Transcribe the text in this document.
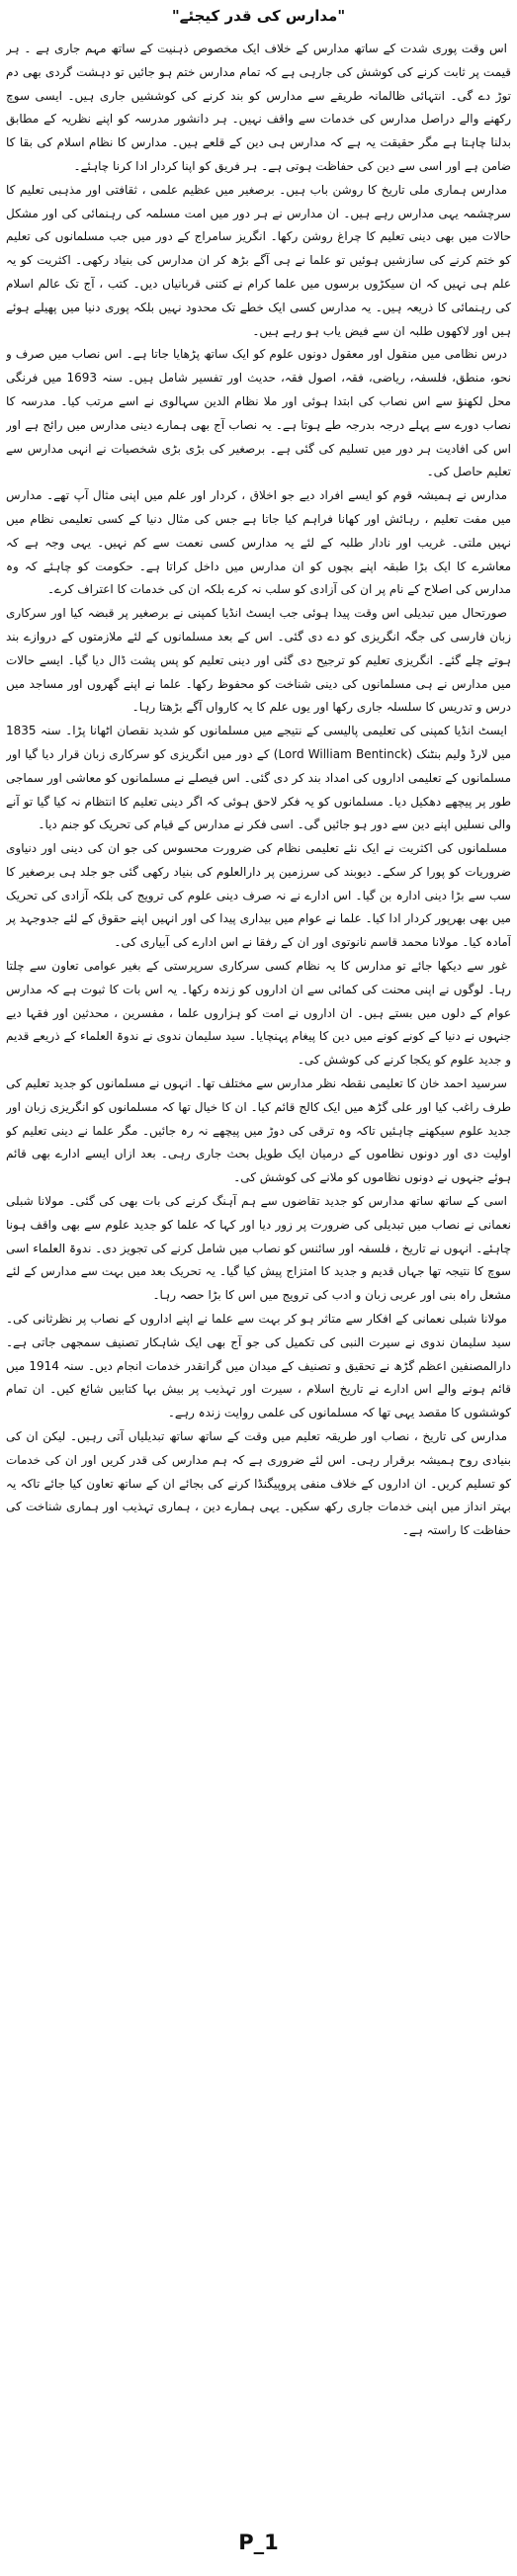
"مدارس کی قدر کیجئے"

اس وقت پوری شدت کے ساتھ مدارس کے خلاف ایک مخصوص ذہنیت کے ساتھ مہم جاری ہے ۔ ہر قیمت پر ثابت کرنے کی کوشش کی جارہی ہے کہ تمام مدارس ختم ہو جائیں تو دہشت گردی بھی دم توڑ دے گی۔ انتہائی ظالمانہ طریقے سے مدارس کو بند کرنے کی کوششیں جاری ہیں۔ ایسی سوچ رکھنے والے دراصل مدارس کی خدمات سے واقف نہیں۔ ہر دانشور مدرسہ کو اپنے نظریہ کے مطابق بدلنا چاہتا ہے مگر حقیقت یہ ہے کہ مدارس ہی دین کے قلعے ہیں۔ مدارس کا نظام اسلام کی بقا کا ضامن ہے اور اسی سے دین کی حفاظت ہوتی ہے۔ ہر فریق کو اپنا کردار ادا کرنا چاہئے۔

مدارس ہماری ملی تاریخ کا روشن باب ہیں۔ برصغیر میں عظیم علمی ، ثقافتی اور مذہبی تعلیم کا سرچشمہ یہی مدارس رہے ہیں۔ ان مدارس نے ہر دور میں امت مسلمہ کی رہنمائی کی اور مشکل حالات میں بھی دینی تعلیم کا چراغ روشن رکھا۔ انگریز سامراج کے دور میں جب مسلمانوں کی تعلیم کو ختم کرنے کی سازشیں ہوئیں تو علما نے ہی آگے بڑھ کر ان مدارس کی بنیاد رکھی۔ اکثریت کو یہ علم ہی نہیں کہ ان سیکڑوں برسوں میں علما کرام نے کتنی قربانیاں دیں۔ کتب ، آج تک عالم اسلام کی رہنمائی کا ذریعہ ہیں۔ یہ مدارس کسی ایک خطے تک محدود نہیں بلکہ پوری دنیا میں پھیلے ہوئے ہیں اور لاکھوں طلبہ ان سے فیض یاب ہو رہے ہیں۔

درس نظامی میں منقول اور معقول دونوں علوم کو ایک ساتھ پڑھایا جاتا ہے۔ اس نصاب میں صرف و نحو، منطق، فلسفہ، ریاضی، فقہ، اصول فقہ، حدیث اور تفسیر شامل ہیں۔ سنہ 1693 میں فرنگی محل لکھنؤ سے اس نصاب کی ابتدا ہوئی اور ملا نظام الدین سہالوی نے اسے مرتب کیا۔ مدرسہ کا نصاب دورے سے پہلے درجہ بدرجہ طے ہوتا ہے۔ یہ نصاب آج بھی ہمارے دینی مدارس میں رائج ہے اور اس کی افادیت ہر دور میں تسلیم کی گئی ہے۔ برصغیر کی بڑی بڑی شخصیات نے انہی مدارس سے تعلیم حاصل کی۔

مدارس نے ہمیشہ قوم کو ایسے افراد دیے جو اخلاق ، کردار اور علم میں اپنی مثال آپ تھے۔ مدارس میں مفت تعلیم ، رہائش اور کھانا فراہم کیا جاتا ہے جس کی مثال دنیا کے کسی تعلیمی نظام میں نہیں ملتی۔ غریب اور نادار طلبہ کے لئے یہ مدارس کسی نعمت سے کم نہیں۔ یہی وجہ ہے کہ معاشرے کا ایک بڑا طبقہ اپنے بچوں کو ان مدارس میں داخل کراتا ہے۔ حکومت کو چاہئے کہ وہ مدارس کی اصلاح کے نام پر ان کی آزادی کو سلب نہ کرے بلکہ ان کی خدمات کا اعتراف کرے۔

صورتحال میں تبدیلی اس وقت پیدا ہوئی جب ایسٹ انڈیا کمپنی نے برصغیر پر قبضہ کیا اور سرکاری زبان فارسی کی جگہ انگریزی کو دے دی گئی۔ اس کے بعد مسلمانوں کے لئے ملازمتوں کے دروازے بند ہوتے چلے گئے۔ انگریزی تعلیم کو ترجیح دی گئی اور دینی تعلیم کو پس پشت ڈال دیا گیا۔ ایسے حالات میں مدارس نے ہی مسلمانوں کی دینی شناخت کو محفوظ رکھا۔ علما نے اپنے گھروں اور مساجد میں درس و تدریس کا سلسلہ جاری رکھا اور یوں علم کا یہ کارواں آگے بڑھتا رہا۔

ایسٹ انڈیا کمپنی کی تعلیمی پالیسی کے نتیجے میں مسلمانوں کو شدید نقصان اٹھانا پڑا۔ سنہ 1835 میں لارڈ ولیم بنٹنک (Lord William Bentinck) کے دور میں انگریزی کو سرکاری زبان قرار دیا گیا اور مسلمانوں کے تعلیمی اداروں کی امداد بند کر دی گئی۔ اس فیصلے نے مسلمانوں کو معاشی اور سماجی طور پر پیچھے دھکیل دیا۔ مسلمانوں کو یہ فکر لاحق ہوئی کہ اگر دینی تعلیم کا انتظام نہ کیا گیا تو آنے والی نسلیں اپنے دین سے دور ہو جائیں گی۔ اسی فکر نے مدارس کے قیام کی تحریک کو جنم دیا۔

مسلمانوں کی اکثریت نے ایک نئے تعلیمی نظام کی ضرورت محسوس کی جو ان کی دینی اور دنیاوی ضروریات کو پورا کر سکے۔ دیوبند کی سرزمین پر دارالعلوم کی بنیاد رکھی گئی جو جلد ہی برصغیر کا سب سے بڑا دینی ادارہ بن گیا۔ اس ادارے نے نہ صرف دینی علوم کی ترویج کی بلکہ آزادی کی تحریک میں بھی بھرپور کردار ادا کیا۔ علما نے عوام میں بیداری پیدا کی اور انہیں اپنے حقوق کے لئے جدوجہد پر آمادہ کیا۔ مولانا محمد قاسم نانوتوی اور ان کے رفقا نے اس ادارے کی آبیاری کی۔

غور سے دیکھا جائے تو مدارس کا یہ نظام کسی سرکاری سرپرستی کے بغیر عوامی تعاون سے چلتا رہا۔ لوگوں نے اپنی محنت کی کمائی سے ان اداروں کو زندہ رکھا۔ یہ اس بات کا ثبوت ہے کہ مدارس عوام کے دلوں میں بستے ہیں۔ ان اداروں نے امت کو ہزاروں علما ، مفسرین ، محدثین اور فقہا دیے جنہوں نے دنیا کے کونے کونے میں دین کا پیغام پہنچایا۔ سید سلیمان ندوی نے ندوۃ العلماء کے ذریعے قدیم و جدید علوم کو یکجا کرنے کی کوشش کی۔

سرسید احمد خان کا تعلیمی نقطہ نظر مدارس سے مختلف تھا۔ انہوں نے مسلمانوں کو جدید تعلیم کی طرف راغب کیا اور علی گڑھ میں ایک کالج قائم کیا۔ ان کا خیال تھا کہ مسلمانوں کو انگریزی زبان اور جدید علوم سیکھنے چاہئیں تاکہ وہ ترقی کی دوڑ میں پیچھے نہ رہ جائیں۔ مگر علما نے دینی تعلیم کو اولیت دی اور دونوں نظاموں کے درمیان ایک طویل بحث جاری رہی۔ بعد ازاں ایسے ادارے بھی قائم ہوئے جنہوں نے دونوں نظاموں کو ملانے کی کوشش کی۔

اسی کے ساتھ ساتھ مدارس کو جدید تقاضوں سے ہم آہنگ کرنے کی بات بھی کی گئی۔ مولانا شبلی نعمانی نے نصاب میں تبدیلی کی ضرورت پر زور دیا اور کہا کہ علما کو جدید علوم سے بھی واقف ہونا چاہئے۔ انہوں نے تاریخ ، فلسفہ اور سائنس کو نصاب میں شامل کرنے کی تجویز دی۔ ندوۃ العلماء اسی سوچ کا نتیجہ تھا جہاں قدیم و جدید کا امتزاج پیش کیا گیا۔ یہ تحریک بعد میں بہت سے مدارس کے لئے مشعل راہ بنی اور عربی زبان و ادب کی ترویج میں اس کا بڑا حصہ رہا۔

مولانا شبلی نعمانی کے افکار سے متاثر ہو کر بہت سے علما نے اپنے اداروں کے نصاب پر نظرثانی کی۔ سید سلیمان ندوی نے سیرت النبی کی تکمیل کی جو آج بھی ایک شاہکار تصنیف سمجھی جاتی ہے۔ دارالمصنفین اعظم گڑھ نے تحقیق و تصنیف کے میدان میں گرانقدر خدمات انجام دیں۔ سنہ 1914 میں قائم ہونے والے اس ادارے نے تاریخ اسلام ، سیرت اور تہذیب پر بیش بہا کتابیں شائع کیں۔ ان تمام کوششوں کا مقصد یہی تھا کہ مسلمانوں کی علمی روایت زندہ رہے۔

مدارس کی تاریخ ، نصاب اور طریقہ تعلیم میں وقت کے ساتھ ساتھ تبدیلیاں آتی رہیں۔ لیکن ان کی بنیادی روح ہمیشہ برقرار رہی۔ اس لئے ضروری ہے کہ ہم مدارس کی قدر کریں اور ان کی خدمات کو تسلیم کریں۔ ان اداروں کے خلاف منفی پروپیگنڈا کرنے کی بجائے ان کے ساتھ تعاون کیا جائے تاکہ یہ بہتر انداز میں اپنی خدمات جاری رکھ سکیں۔ یہی ہمارے دین ، ہماری تہذیب اور ہماری شناخت کی حفاظت کا راستہ ہے۔

P_1
